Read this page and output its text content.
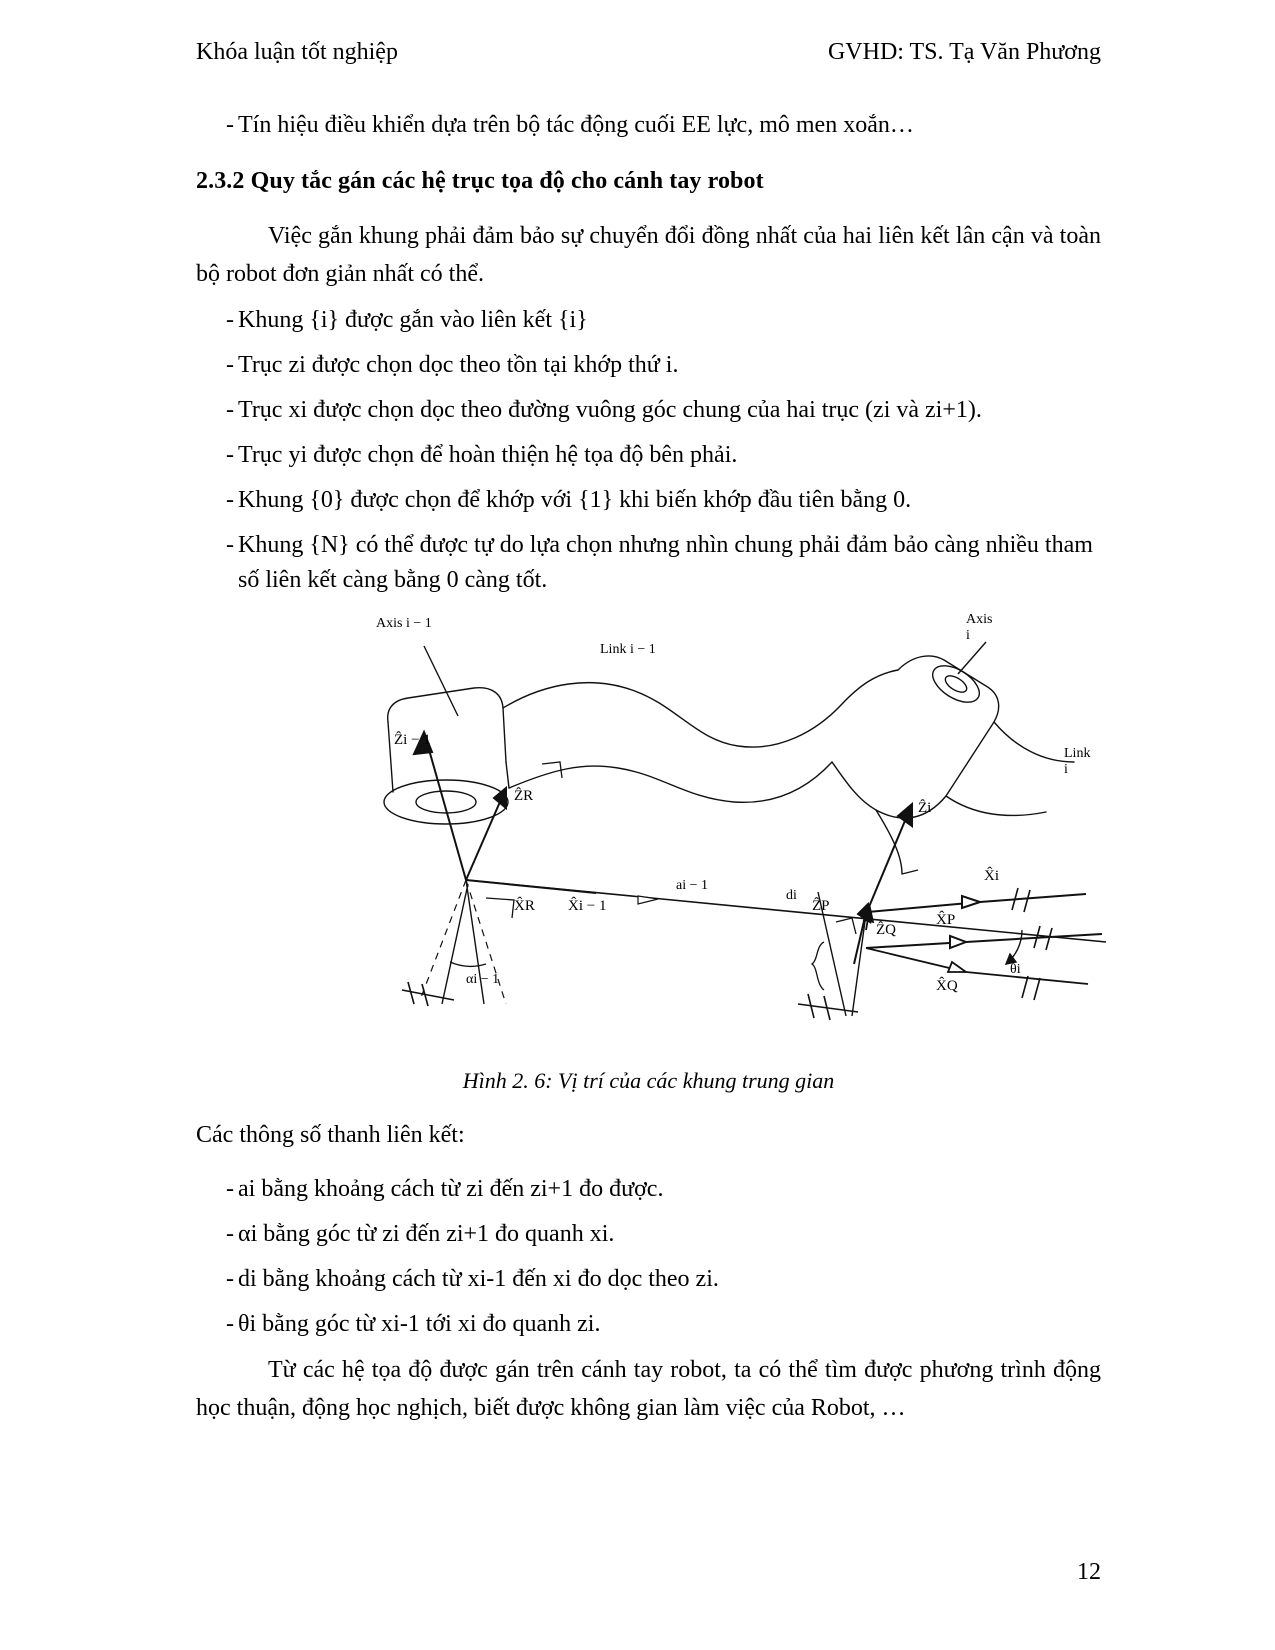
Khóa luận tốt nghiệp	GVHD: TS. Tạ Văn Phương
- Tín hiệu điều khiển dựa trên bộ tác động cuối EE lực, mô men xoắn…
2.3.2 Quy tắc gán các hệ trục tọa độ cho cánh tay robot
Việc gắn khung phải đảm bảo sự chuyển đổi đồng nhất của hai liên kết lân cận và toàn bộ robot đơn giản nhất có thể.
- Khung {i} được gắn vào liên kết {i}
- Trục zi được chọn dọc theo tồn tại khớp thứ i.
- Trục xi được chọn dọc theo đường vuông góc chung của hai trục (zi và zi+1).
- Trục yi được chọn để hoàn thiện hệ tọa độ bên phải.
- Khung {0} được chọn để khớp với {1} khi biến khớp đầu tiên bằng 0.
- Khung {N} có thể được tự do lựa chọn nhưng nhìn chung phải đảm bảo càng nhiều tham số liên kết càng bằng 0 càng tốt.
Axis i − 1	Axis i
Link i − 1
Link i
Ẑi − 1
ẐR
Ẑi
ẐP
ẐQ
X̂R X̂i − 1
X̂i
X̂P
X̂Q
ai − 1
di
αi − 1
θi
Hình 2. 6: Vị trí của các khung trung gian
Các thông số thanh liên kết:
- ai bằng khoảng cách từ zi đến zi+1 đo được.
- αi bằng góc từ zi đến zi+1 đo quanh xi.
- di bằng khoảng cách từ xi-1 đến xi đo dọc theo zi.
- θi bằng góc từ xi-1 tới xi đo quanh zi.
Từ các hệ tọa độ được gán trên cánh tay robot, ta có thể tìm được phương trình động học thuận, động học nghịch, biết được không gian làm việc của Robot, …
12
